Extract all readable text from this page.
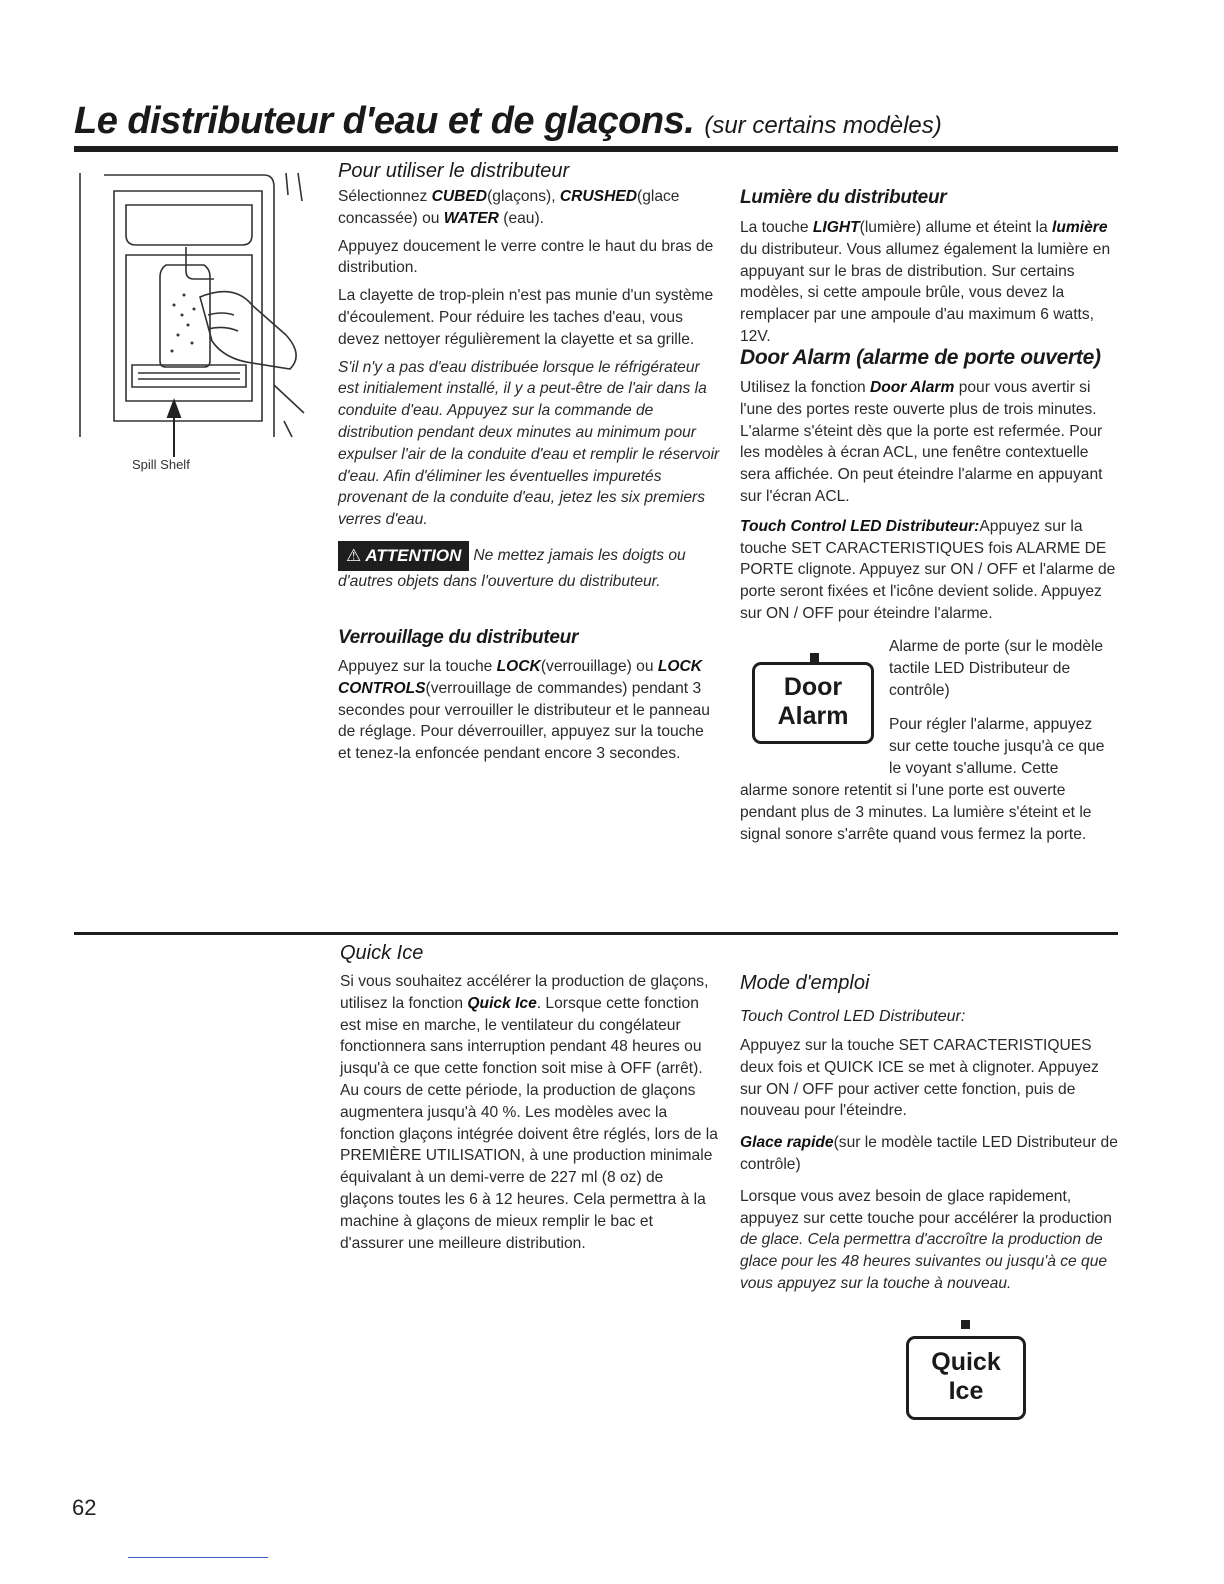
Le distributeur d'eau et de glaçons. (sur certains modèles)
Spill Shelf
Pour utiliser le distributeur

Sélectionnez CUBED(glaçons), CRUSHED(glace concassée) ou WATER (eau).

Appuyez doucement le verre contre le haut du bras de distribution.

La clayette de trop-plein n'est pas munie d'un système d'écoulement. Pour réduire les taches d'eau, vous devez nettoyer régulièrement la clayette et sa grille.

S'il n'y a pas d'eau distribuée lorsque le réfrigérateur est initialement installé, il y a peut-être de l'air dans la conduite d'eau. Appuyez sur la commande de distribution pendant deux minutes au minimum pour expulser l'air de la conduite d'eau et remplir le réservoir d'eau. Afin d'éliminer les éventuelles impuretés provenant de la conduite d'eau, jetez les six premiers verres d'eau.

⚠ ATTENTION Ne mettez jamais les doigts ou d'autres objets dans l'ouverture du distributeur.

Verrouillage du distributeur

Appuyez sur la touche LOCK(verrouillage) ou LOCK CONTROLS(verrouillage de commandes) pendant 3 secondes pour verrouiller le distributeur et le panneau de réglage. Pour déverrouiller, appuyez sur la touche et tenez-la enfoncée pendant encore 3 secondes.

Lumière du distributeur

La touche LIGHT(lumière) allume et éteint la lumière du distributeur. Vous allumez également la lumière en appuyant sur le bras de distribution. Sur certains modèles, si cette ampoule brûle, vous devez la remplacer par une ampoule d'au maximum 6 watts, 12V.

Door Alarm (alarme de porte ouverte)

Utilisez la fonction Door Alarm pour vous avertir si l'une des portes reste ouverte plus de trois minutes. L'alarme s'éteint dès que la porte est refermée. Pour les modèles à écran ACL, une fenêtre contextuelle sera affichée. On peut éteindre l'alarme en appuyant sur l'écran ACL.

Touch Control LED Distributeur:Appuyez sur la touche SET CARACTERISTIQUES fois ALARME DE PORTE clignote. Appuyez sur ON / OFF et l'alarme de porte seront fixées et l'icône devient solide. Appuyez sur ON / OFF pour éteindre l'alarme.

Door
Alarm
Alarme de porte (sur le modèle tactile LED Distributeur de contrôle)
Pour régler l'alarme, appuyez sur cette touche jusqu'à ce que le voyant s'allume. Cette
alarme sonore retentit si l'une porte est ouverte pendant plus de 3 minutes. La lumière s'éteint et le signal sonore s'arrête quand vous fermez la porte.
Quick Ice

Si vous souhaitez accélérer la production de glaçons, utilisez la fonction Quick Ice. Lorsque cette fonction est mise en marche, le ventilateur du congélateur fonctionnera sans interruption pendant 48 heures ou jusqu'à ce que cette fonction soit mise à OFF (arrêt).

Au cours de cette période, la production de glaçons augmentera jusqu'à 40 %. Les modèles avec la fonction glaçons intégrée doivent être réglés, lors de la PREMIÈRE UTILISATION, à une production minimale équivalant à un demi-verre de 227 ml (8 oz) de glaçons toutes les 6 à 12 heures. Cela permettra à la machine à glaçons de mieux remplir le bac et d'assurer une meilleure distribution.

Mode d'emploi
Touch Control LED Distributeur:

Appuyez sur la touche SET CARACTERISTIQUES deux fois et QUICK ICE se met à clignoter. Appuyez sur ON / OFF pour activer cette fonction, puis de nouveau pour l'éteindre.

Glace rapide(sur le modèle tactile LED Distributeur de contrôle)

Lorsque vous avez besoin de glace rapidement, appuyez sur cette touche pour accélérer la production de glace. Cela permettra d'accroître la production de glace pour les 48 heures suivantes ou jusqu'à ce que vous appuyez sur la touche à nouveau.

Quick
Ice
62
